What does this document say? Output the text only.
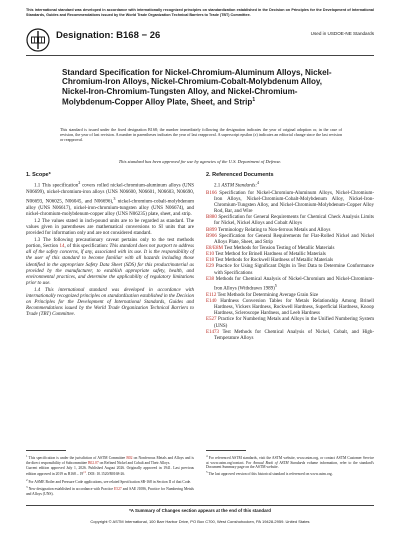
This international standard was developed in accordance with internationally recognized principles on standardization established in the Decision on Principles for the Development of International Standards, Guides and Recommendations issued by the World Trade Organization Technical Barriers to Trade (TBT) Committee.
Designation: B168 − 26	Used in USDOE-NE Standards
Standard Specification for Nickel-Chromium-Aluminum Alloys, Nickel-Chromium-Iron Alloys, Nickel-Chromium-Cobalt-Molybdenum Alloy, Nickel-Iron-Chromium-Tungsten Alloy, and Nickel-Chromium-Molybdenum-Copper Alloy Plate, Sheet, and Strip$^1$
This standard is issued under the fixed designation B168; the number immediately following the designation indicates the year of original adoption or, in the case of revision, the year of last revision. A number in parentheses indicates the year of last reapproval. A superscript epsilon (ε) indicates an editorial change since the last revision or reapproval.
This standard has been approved for use by agencies of the U.S. Department of Defense.
1. Scope*

1.1 This specification$^2$ covers rolled nickel-chromium-aluminum alloys (UNS N06699), nickel-chromium-iron alloys (UNS N06600, N06601, N06603, N06690, N06693, N06025, N06045, and N06696),$^3$ nickel-chromium-cobalt-molybdenum alloy (UNS N06617), nickel-iron-chromium-tungsten alloy (UNS N06674), and nickel-chromium-molybdenum-copper alloy (UNS N06235) plate, sheet, and strip.

1.2 The values stated in inch-pound units are to be regarded as standard. The values given in parentheses are mathematical conversions to SI units that are provided for information only and are not considered standard.

1.3 The following precautionary caveat pertains only to the test methods portion, Section 14, of this specification: This standard does not purport to address all of the safety concerns, if any, associated with its use. It is the responsibility of the user of this standard to become familiar with all hazards including those identified in the appropriate Safety Data Sheet (SDS) for this product/material as provided by the manufacturer, to establish appropriate safety, health, and environmental practices, and determine the applicability of regulatory limitations prior to use.

1.4 This international standard was developed in accordance with internationally recognized principles on standardization established in the Decision on Principles for the Development of International Standards, Guides and Recommendations issued by the World Trade Organization Technical Barriers to Trade (TBT) Committee.

2. Referenced Documents

2.1 ASTM Standards:$^4$

B166 Specification for Nickel-Chromium-Aluminum Alloys, Nickel-Chromium-Iron Alloys, Nickel-Chromium-Cobalt-Molybdenum Alloy, Nickel-Iron-Chromium-Tungsten Alloy, and Nickel-Chromium-Molybdenum-Copper Alloy Rod, Bar, and Wire

B880 Specification for General Requirements for Chemical Check Analysis Limits for Nickel, Nickel Alloys and Cobalt Alloys

B899 Terminology Relating to Non-ferrous Metals and Alloys

B906 Specification for General Requirements for Flat-Rolled Nickel and Nickel Alloys Plate, Sheet, and Strip

E8/E8M Test Methods for Tension Testing of Metallic Materials

E10 Test Method for Brinell Hardness of Metallic Materials

E18 Test Methods for Rockwell Hardness of Metallic Materials

E29 Practice for Using Significant Digits in Test Data to Determine Conformance with Specifications

E38 Methods for Chemical Analysis of Nickel-Chromium and Nickel-Chromium-Iron Alloys (Withdrawn 1989)$^5$

E112 Test Methods for Determining Average Grain Size

E140 Hardness Conversion Tables for Metals Relationship Among Brinell Hardness, Vickers Hardness, Rockwell Hardness, Superficial Hardness, Knoop Hardness, Scleroscope Hardness, and Leeb Hardness

E527 Practice for Numbering Metals and Alloys in the Unified Numbering System (UNS)

E1473 Test Methods for Chemical Analysis of Nickel, Cobalt, and High-Temperature Alloys

$^1$ This specification is under the jurisdiction of ASTM Committee B02 on Nonferrous Metals and Alloys and is the direct responsibility of Subcommittee B02.07 on Refined Nickel and Cobalt and Their Alloys.

Current edition approved July 1, 2026. Published August 2026. Originally approved in 1941. Last previous edition approved in 2019 as B168 – 19$^{\varepsilon 1}$. DOI: 10.1520/B0168-26.

$^2$ For ASME Boiler and Pressure Code applications, see related Specification SB-168 in Section II of that Code.

$^3$ New designation established in accordance with Practice E527 and SAE J1086, Practice for Numbering Metals and Alloys (UNS).

$^4$ For referenced ASTM standards, visit the ASTM website, www.astm.org, or contact ASTM Customer Service at www.astm.org/contact. For Annual Book of ASTM Standards volume information, refer to the standard's Document Summary page on the ASTM website.

$^5$ The last approved version of this historical standard is referenced on www.astm.org.

*A Summary of Changes section appears at the end of this standard
Copyright © ASTM International, 100 Barr Harbor Drive, PO Box C700, West Conshohocken, PA 19428-2959. United States
